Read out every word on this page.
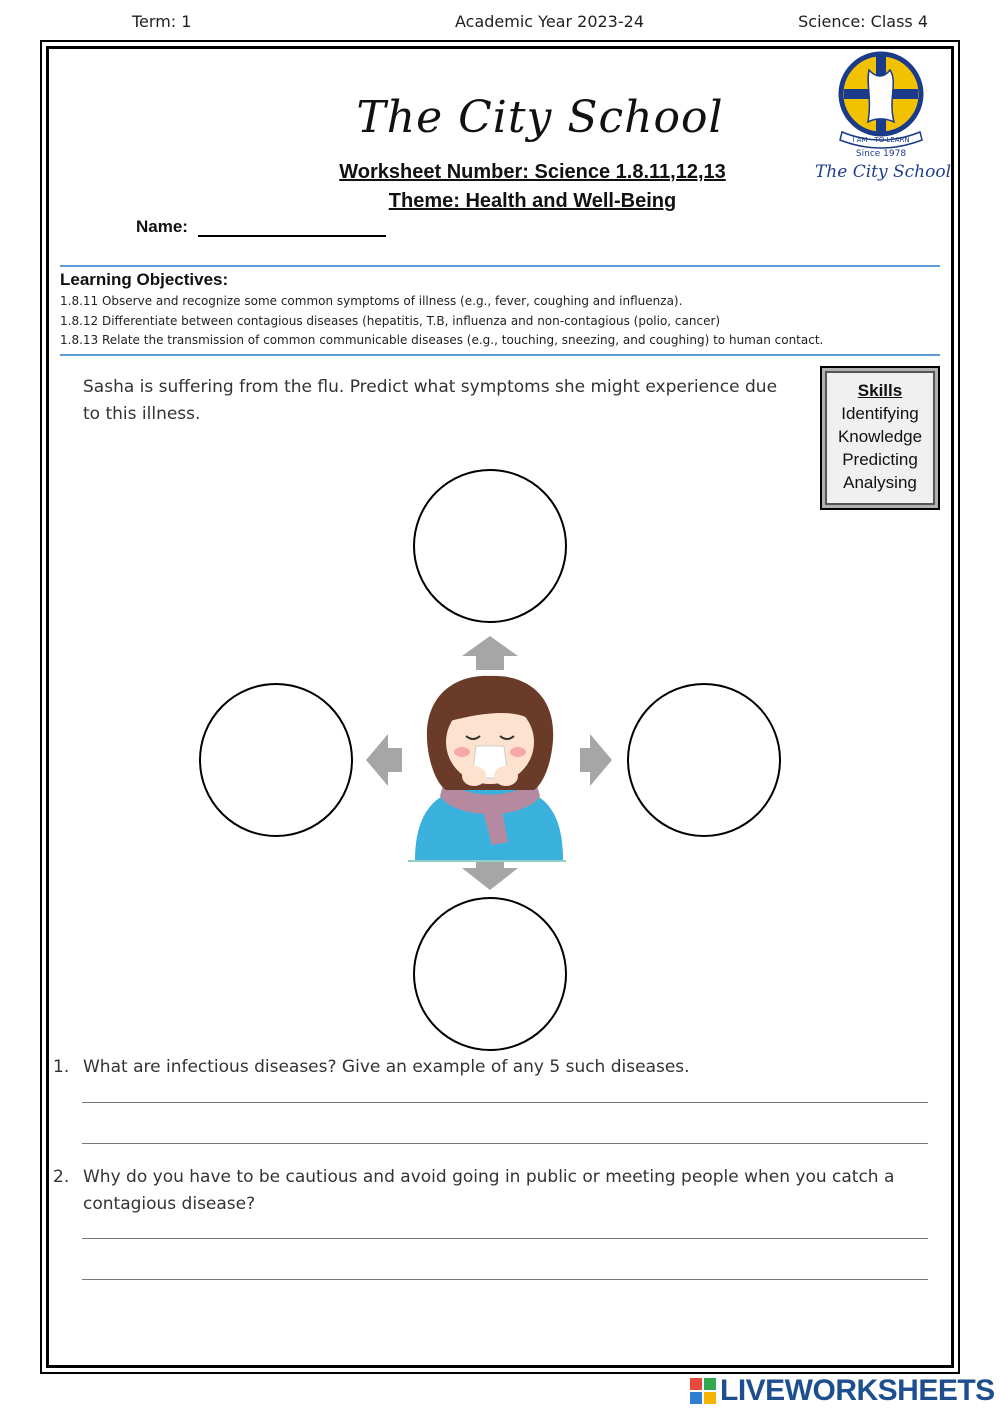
Term: 1	Academic Year 2023-24	Science: Class 4
The City School
Worksheet Number: Science 1.8.11,12,13
Theme: Health and Well-Being
Name:
I AM - TO LEARN
Since 1978
The City School
Learning Objectives:
1.8.11 Observe and recognize some common symptoms of illness (e.g., fever, coughing and influenza).
1.8.12 Differentiate between contagious diseases (hepatitis, T.B, influenza and non-contagious (polio, cancer)
1.8.13 Relate the transmission of common communicable diseases (e.g., touching, sneezing, and coughing) to human contact.
Sasha is suffering from the flu. Predict what symptoms she might experience due to this illness.
Skills
Identifying
Knowledge
Predicting
Analysing
1. What are infectious diseases? Give an example of any 5 such diseases.
2. Why do you have to be cautious and avoid going in public or meeting people when you catch a contagious disease?
LIVEWORKSHEETS
